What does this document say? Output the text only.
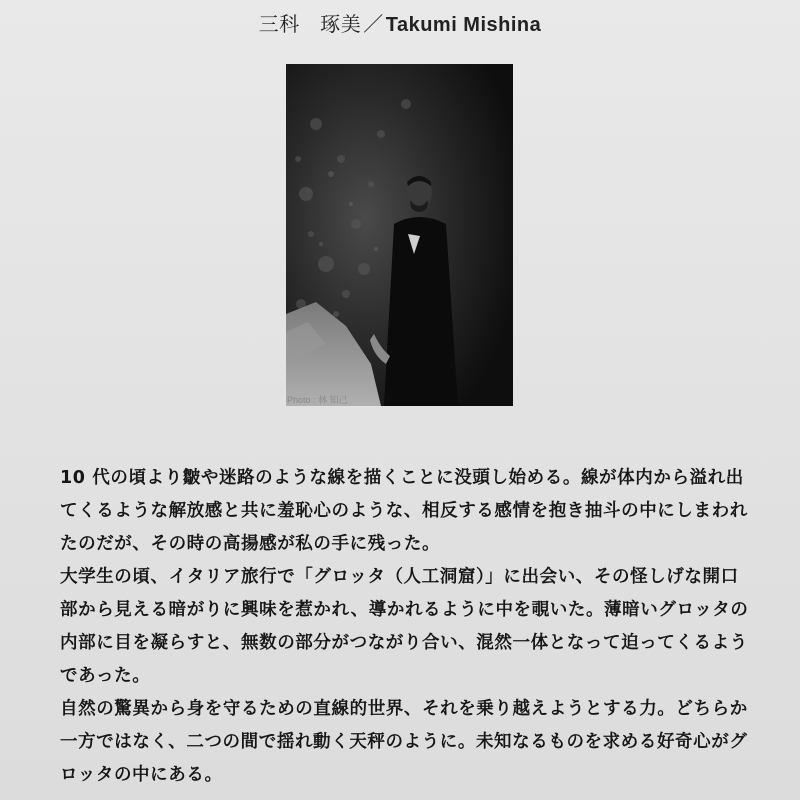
三科　琢美 ／ Takumi Mishina
Photo : 林 知己

10 代の頃より皺や迷路のような線を描くことに没頭し始める。線が体内から溢れ出てくるような解放感と共に羞恥心のような、相反する感情を抱き抽斗の中にしまわれたのだが、その時の高揚感が私の手に残った。

大学生の頃、イタリア旅行で「グロッタ（人工洞窟）」に出会い、その怪しげな開口部から見える暗がりに興味を惹かれ、導かれるように中を覗いた。薄暗いグロッタの内部に目を凝らすと、無数の部分がつながり合い、混然一体となって迫ってくるようであった。

自然の驚異から身を守るための直線的世界、それを乗り越えようとする力。どちらか一方ではなく、二つの間で揺れ動く天秤のように。未知なるものを求める好奇心がグロッタの中にある。
